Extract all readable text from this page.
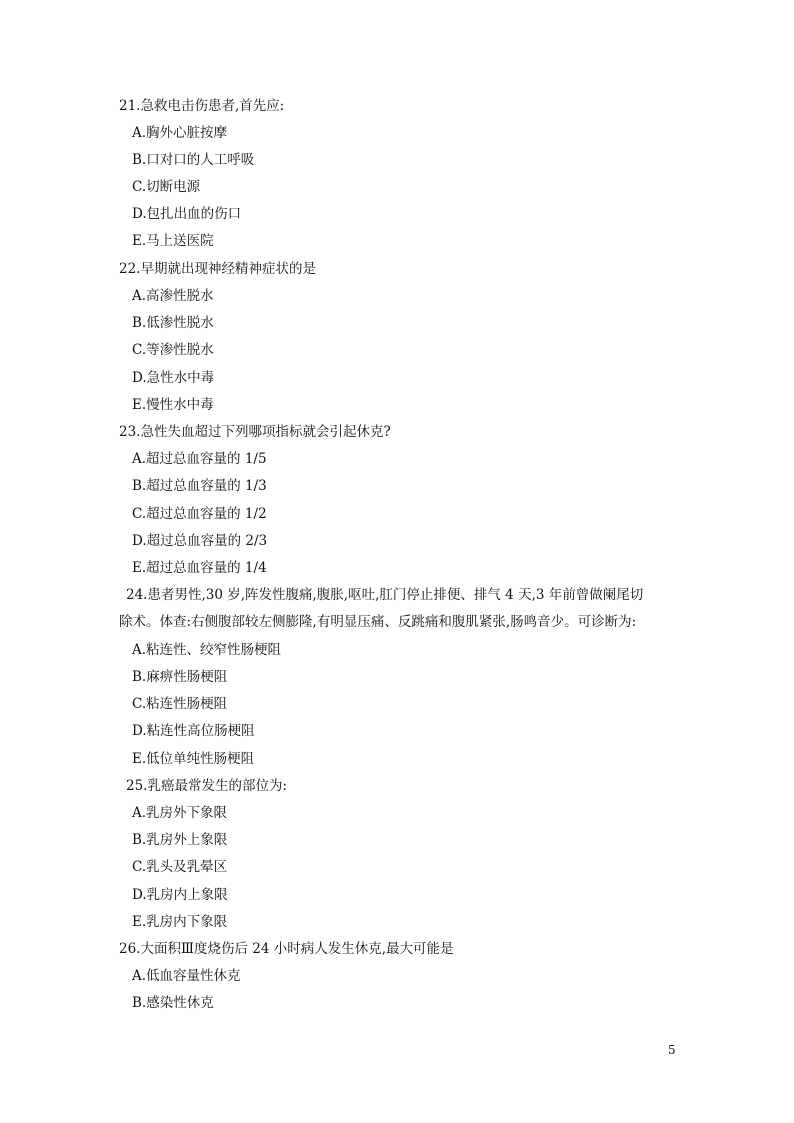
21.急救电击伤患者,首先应:
A.胸外心脏按摩
B.口对口的人工呼吸
C.切断电源
D.包扎出血的伤口
E.马上送医院
22.早期就出现神经精神症状的是
A.高渗性脱水
B.低渗性脱水
C.等渗性脱水
D.急性水中毒
E.慢性水中毒
23.急性失血超过下列哪项指标就会引起休克?
A.超过总血容量的 1/5
B.超过总血容量的 1/3
C.超过总血容量的 1/2
D.超过总血容量的 2/3
E.超过总血容量的 1/4
24.患者男性,30 岁,阵发性腹痛,腹胀,呕吐,肛门停止排便、排气 4 天,3 年前曾做阑尾切
除术。体查:右侧腹部较左侧膨隆,有明显压痛、反跳痛和腹肌紧张,肠鸣音少。可诊断为:
A.粘连性、绞窄性肠梗阻
B.麻痹性肠梗阻
C.粘连性肠梗阻
D.粘连性高位肠梗阻
E.低位单纯性肠梗阻
25.乳癌最常发生的部位为:
A.乳房外下象限
B.乳房外上象限
C.乳头及乳晕区
D.乳房内上象限
E.乳房内下象限
26.大面积Ⅲ度烧伤后 24 小时病人发生休克,最大可能是
A.低血容量性休克
B.感染性休克
5
